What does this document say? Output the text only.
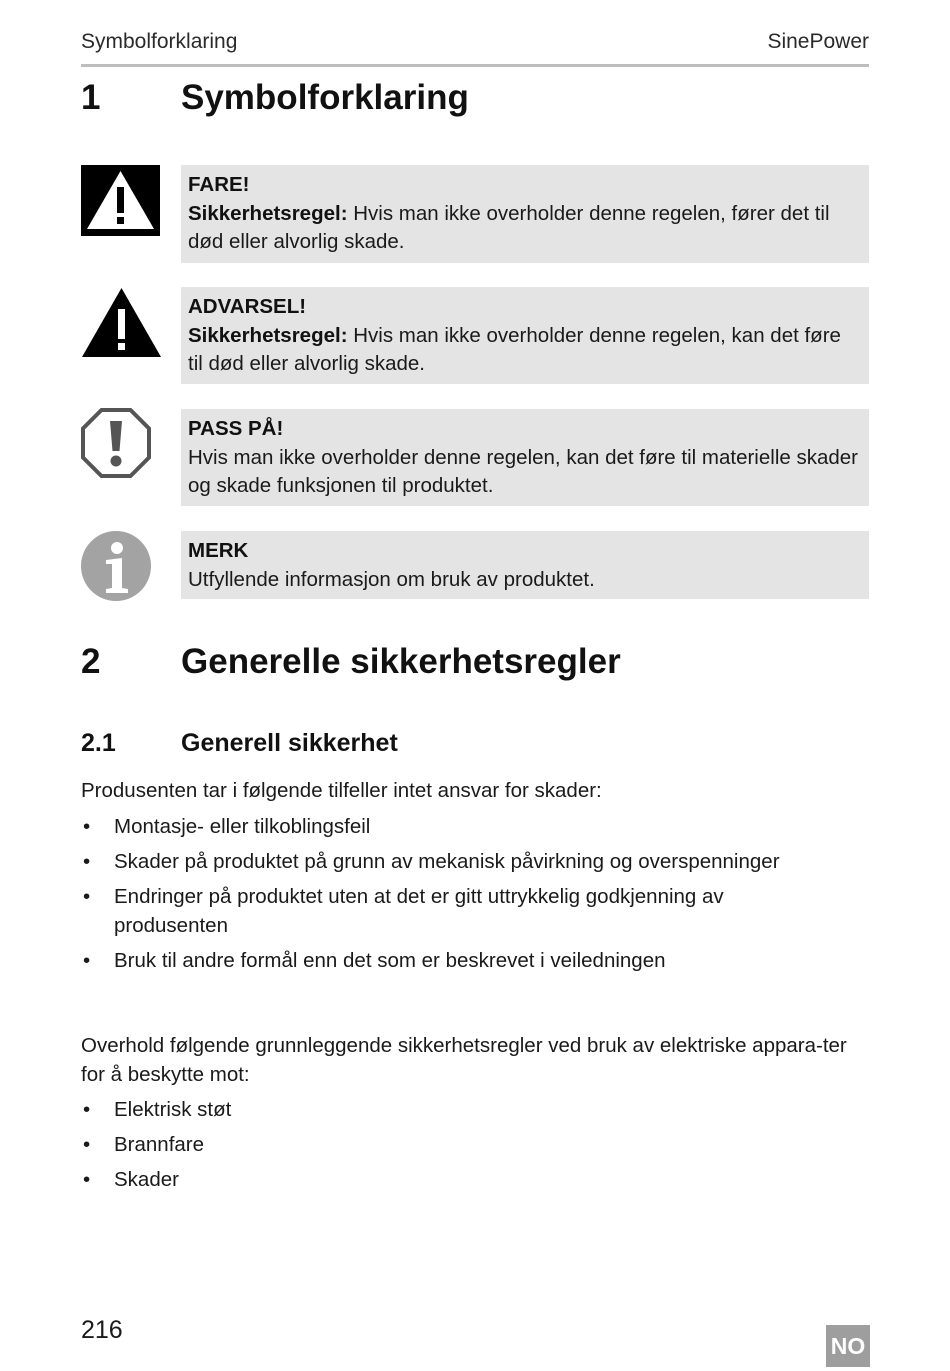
Symbolforklaring	SinePower
1	Symbolforklaring
FARE!
Sikkerhetsregel: Hvis man ikke overholder denne regelen, fører det til død eller alvorlig skade.
ADVARSEL!
Sikkerhetsregel: Hvis man ikke overholder denne regelen, kan det føre til død eller alvorlig skade.
PASS PÅ!
Hvis man ikke overholder denne regelen, kan det føre til materielle skader og skade funksjonen til produktet.
MERK
Utfyllende informasjon om bruk av produktet.
2	Generelle sikkerhetsregler
2.1	Generell sikkerhet
Produsenten tar i følgende tilfeller intet ansvar for skader:
• Montasje- eller tilkoblingsfeil
• Skader på produktet på grunn av mekanisk påvirkning og overspenninger
• Endringer på produktet uten at det er gitt uttrykkelig godkjenning av produsenten
• Bruk til andre formål enn det som er beskrevet i veiledningen
Overhold følgende grunnleggende sikkerhetsregler ved bruk av elektriske appara-ter for å beskytte mot:
• Elektrisk støt
• Brannfare
• Skader
216
NO
